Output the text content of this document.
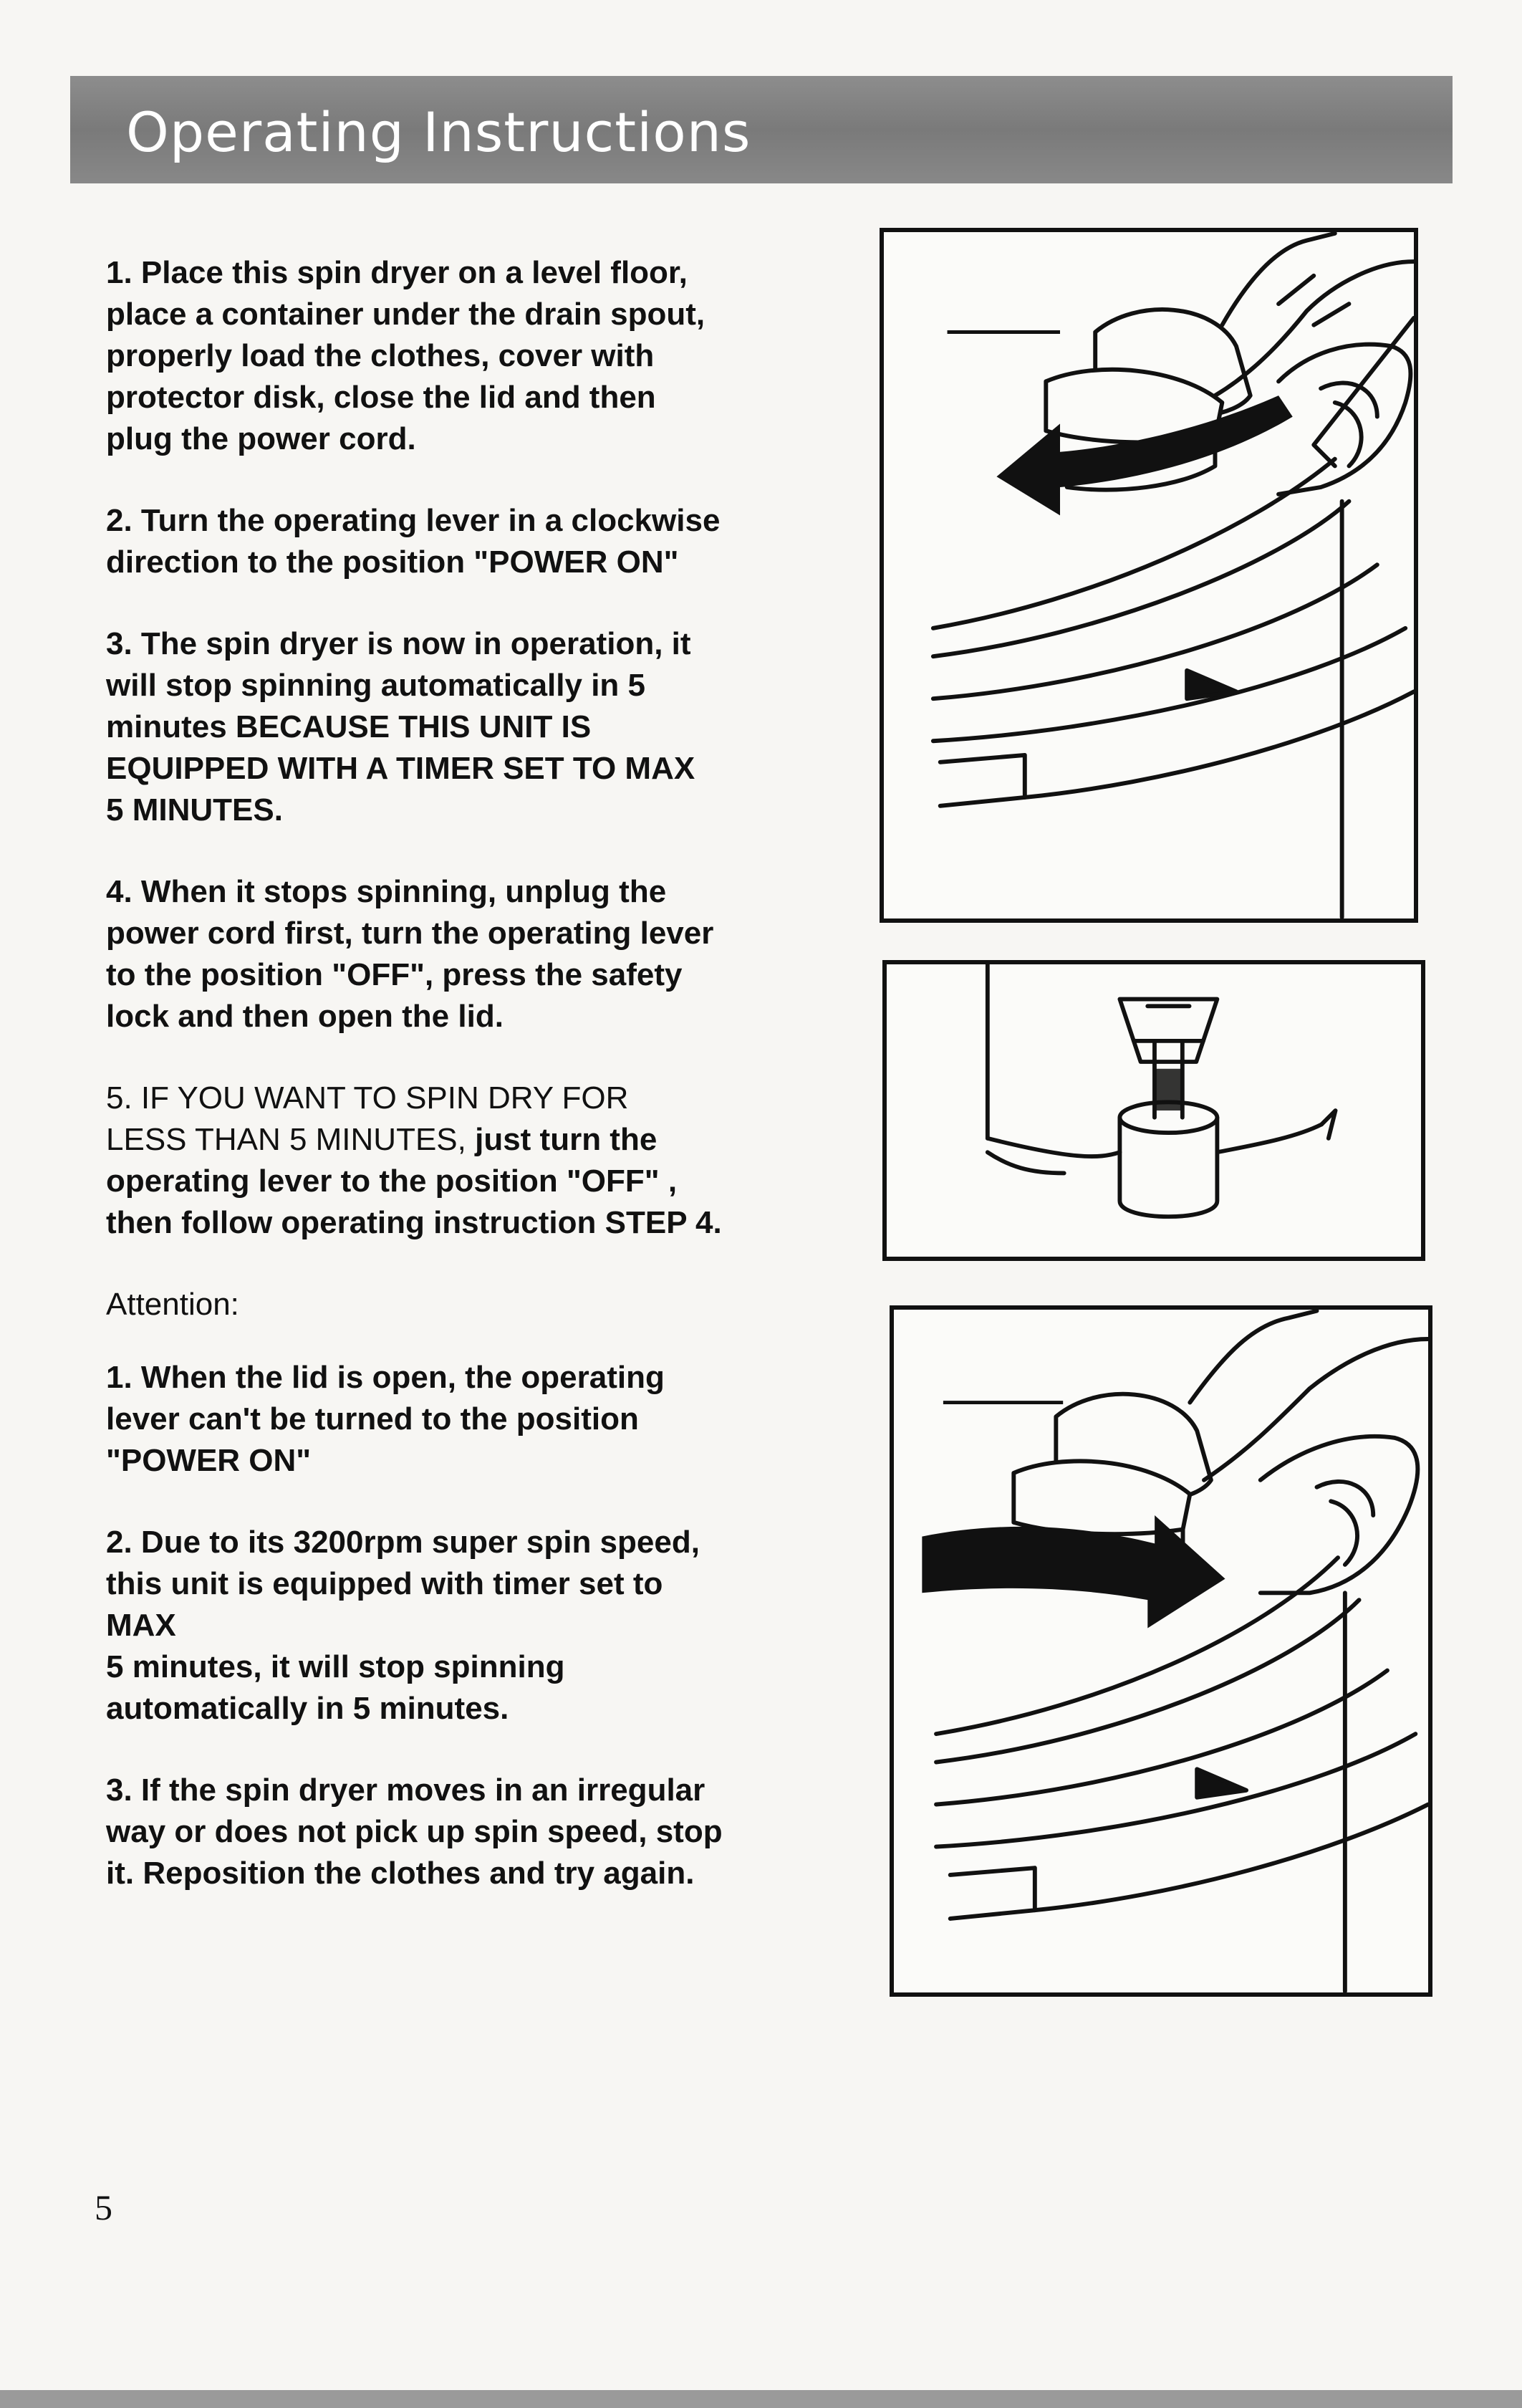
Operating Instructions

1. Place this spin dryer on a level floor,
place a container under the drain spout,
properly load the clothes, cover with
protector disk, close the lid and then
plug the power cord.

2. Turn the operating lever in a clockwise
direction to the position "POWER ON"

3. The spin dryer is now in operation, it
will stop spinning automatically in 5
minutes BECAUSE THIS UNIT IS
EQUIPPED WITH A TIMER SET TO MAX
5 MINUTES.

4. When it stops spinning, unplug the
power cord first, turn the operating lever
to the position "OFF", press the safety
lock and then open the lid.

5. IF YOU WANT TO SPIN DRY FOR
LESS THAN 5 MINUTES, just turn the
operating lever to the position "OFF" ,
then follow operating instruction STEP 4.

Attention:

1. When the lid is open, the operating
lever can't be turned to the position
"POWER ON"

2. Due to its 3200rpm super spin speed,
this unit is equipped with timer set to
MAX
5 minutes, it will stop spinning
automatically in 5 minutes.

3. If the spin dryer moves in an irregular
way or does not pick up spin speed, stop
it. Reposition the clothes and try again.

5
